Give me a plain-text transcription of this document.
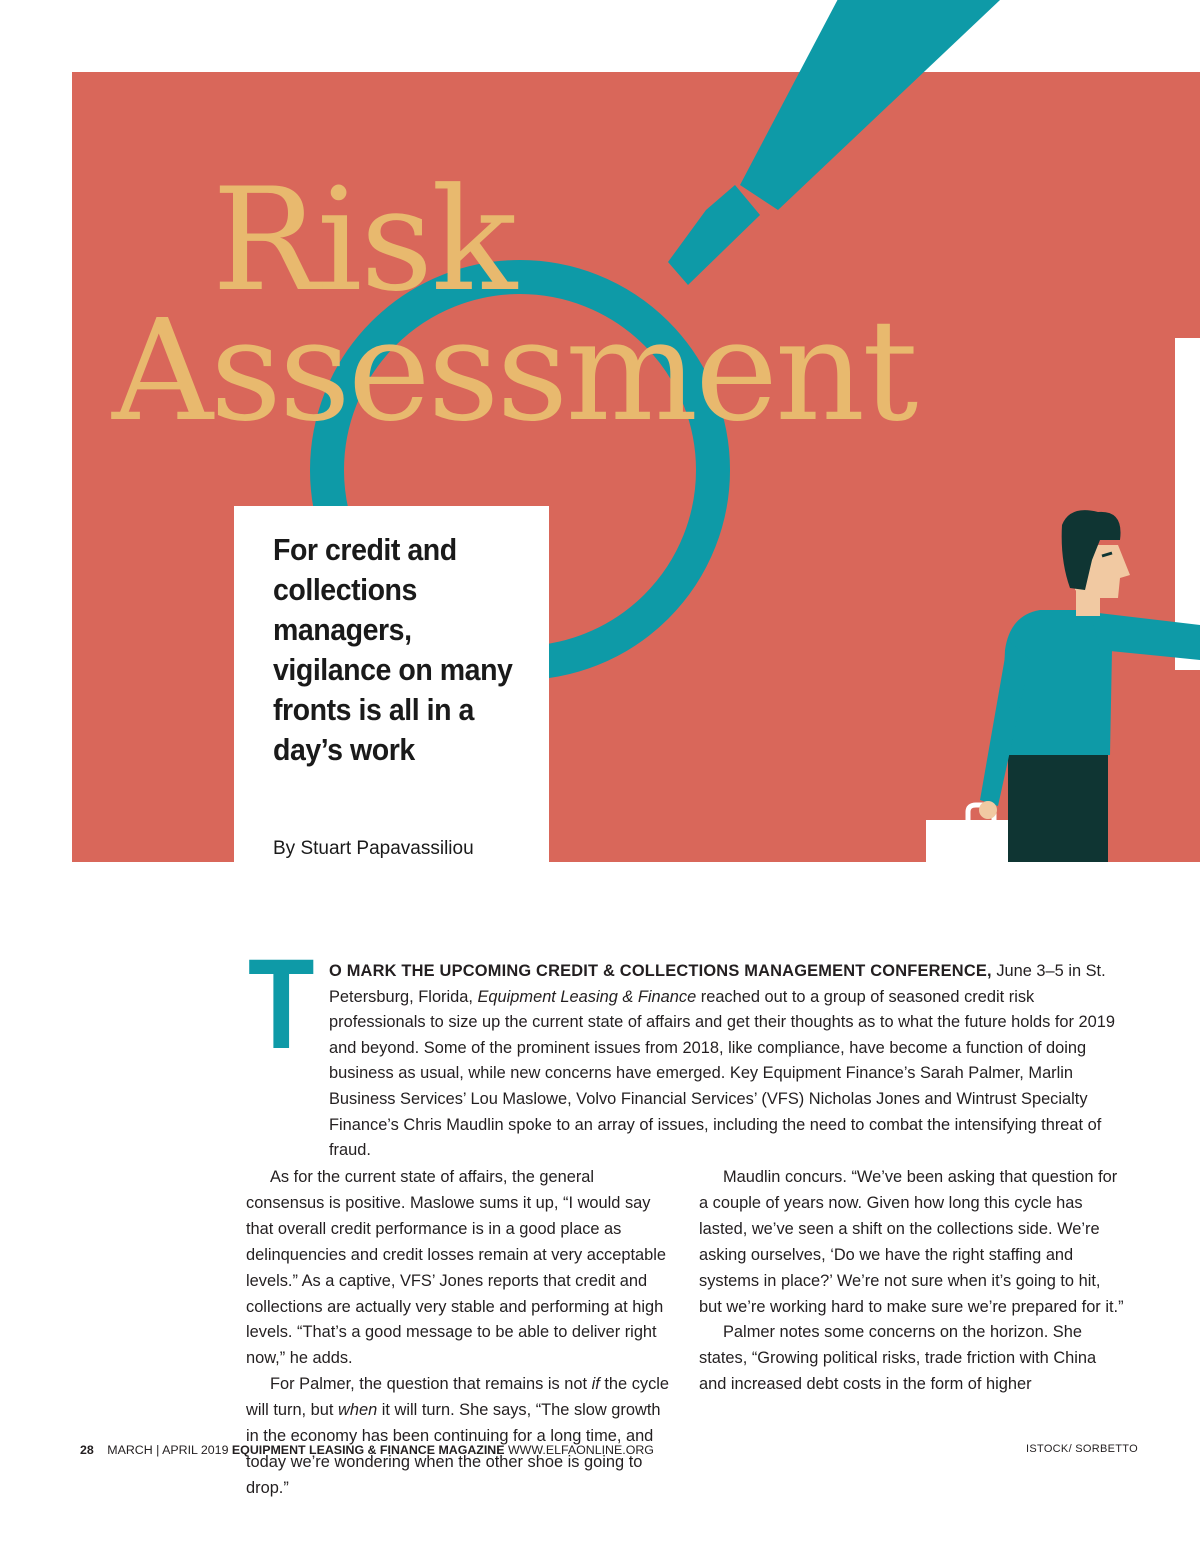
Risk
Assessment

For credit and collections managers, vigilance on many fronts is all in a day’s work

By Stuart Papavassiliou

T O MARK THE UPCOMING CREDIT & COLLECTIONS MANAGEMENT CONFERENCE, June 3–5 in St. Petersburg, Florida, Equipment Leasing & Finance reached out to a group of seasoned credit risk professionals to size up the current state of affairs and get their thoughts as to what the future holds for 2019 and beyond. Some of the prominent issues from 2018, like compliance, have become a function of doing business as usual, while new concerns have emerged. Key Equipment Finance’s Sarah Palmer, Marlin Business Services’ Lou Maslowe, Volvo Financial Services’ (VFS) Nicholas Jones and Wintrust Specialty Finance’s Chris Maudlin spoke to an array of issues, including the need to combat the intensifying threat of fraud.

As for the current state of affairs, the general consensus is positive. Maslowe sums it up, “I would say that overall credit performance is in a good place as delinquencies and credit losses remain at very acceptable levels.” As a captive, VFS’ Jones reports that credit and collections are actually very stable and performing at high levels. “That’s a good message to be able to deliver right now,” he adds.

For Palmer, the question that remains is not if the cycle will turn, but when it will turn. She says, “The slow growth in the economy has been continuing for a long time, and today we’re wondering when the other shoe is going to drop.”

Maudlin concurs. “We’ve been asking that question for a couple of years now. Given how long this cycle has lasted, we’ve seen a shift on the collections side. We’re asking ourselves, ‘Do we have the right staffing and systems in place?’ We’re not sure when it’s going to hit, but we’re working hard to make sure we’re prepared for it.”

Palmer notes some concerns on the horizon. She states, “Growing political risks, trade friction with China and increased debt costs in the form of higher

28 MARCH | APRIL 2019 EQUIPMENT LEASING & FINANCE MAGAZINE WWW.ELFAONLINE.ORG	ISTOCK/ SORBETTO
